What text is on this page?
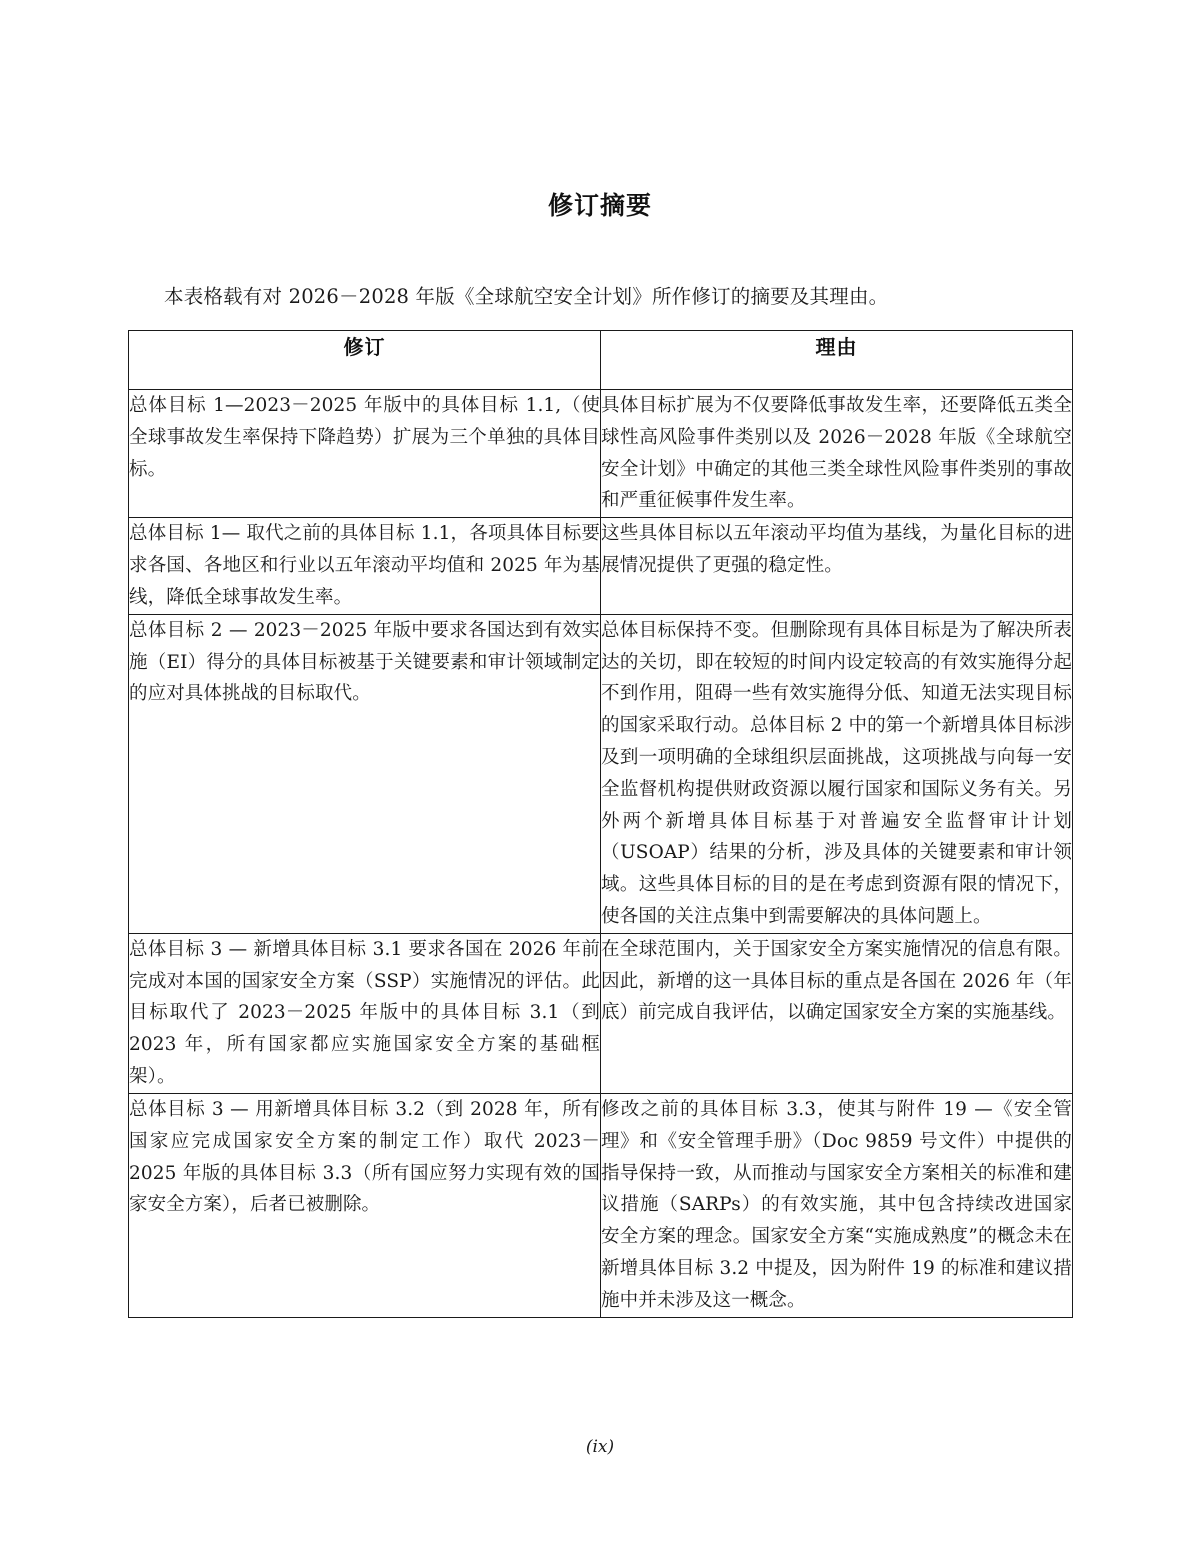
修订摘要
本表格载有对 2026－2028 年版《全球航空安全计划》所作修订的摘要及其理由。
修订	理由

总体目标 1—2023－2025 年版中的具体目标 1.1,（使全球事故发生率保持下降趋势）扩展为三个单独的具体目标。	具体目标扩展为不仅要降低事故发生率，还要降低五类全球性高风险事件类别以及 2026－2028 年版《全球航空安全计划》中确定的其他三类全球性风险事件类别的事故和严重征候事件发生率。

总体目标 1— 取代之前的具体目标 1.1，各项具体目标要求各国、各地区和行业以五年滚动平均值和 2025 年为基线，降低全球事故发生率。	这些具体目标以五年滚动平均值为基线，为量化目标的进展情况提供了更强的稳定性。

总体目标 2 — 2023－2025 年版中要求各国达到有效实施（EI）得分的具体目标被基于关键要素和审计领域制定的应对具体挑战的目标取代。	总体目标保持不变。但删除现有具体目标是为了解决所表达的关切，即在较短的时间内设定较高的有效实施得分起不到作用，阻碍一些有效实施得分低、知道无法实现目标的国家采取行动。总体目标 2 中的第一个新增具体目标涉及到一项明确的全球组织层面挑战，这项挑战与向每一安全监督机构提供财政资源以履行国家和国际义务有关。另外两个新增具体目标基于对普遍安全监督审计计划（USOAP）结果的分析，涉及具体的关键要素和审计领域。这些具体目标的目的是在考虑到资源有限的情况下，使各国的关注点集中到需要解决的具体问题上。

总体目标 3 — 新增具体目标 3.1 要求各国在 2026 年前完成对本国的国家安全方案（SSP）实施情况的评估。此目标取代了 2023－2025 年版中的具体目标 3.1（到 2023 年，所有国家都应实施国家安全方案的基础框架）。	在全球范围内，关于国家安全方案实施情况的信息有限。因此，新增的这一具体目标的重点是各国在 2026 年（年底）前完成自我评估，以确定国家安全方案的实施基线。

总体目标 3 — 用新增具体目标 3.2（到 2028 年，所有国家应完成国家安全方案的制定工作）取代 2023－2025 年版的具体目标 3.3（所有国应努力实现有效的国家安全方案），后者已被删除。	修改之前的具体目标 3.3，使其与附件 19 —《安全管理》和《安全管理手册》（Doc 9859 号文件）中提供的指导保持一致，从而推动与国家安全方案相关的标准和建议措施（SARPs）的有效实施，其中包含持续改进国家安全方案的理念。国家安全方案“实施成熟度”的概念未在新增具体目标 3.2 中提及，因为附件 19 的标准和建议措施中并未涉及这一概念。

(ix)
